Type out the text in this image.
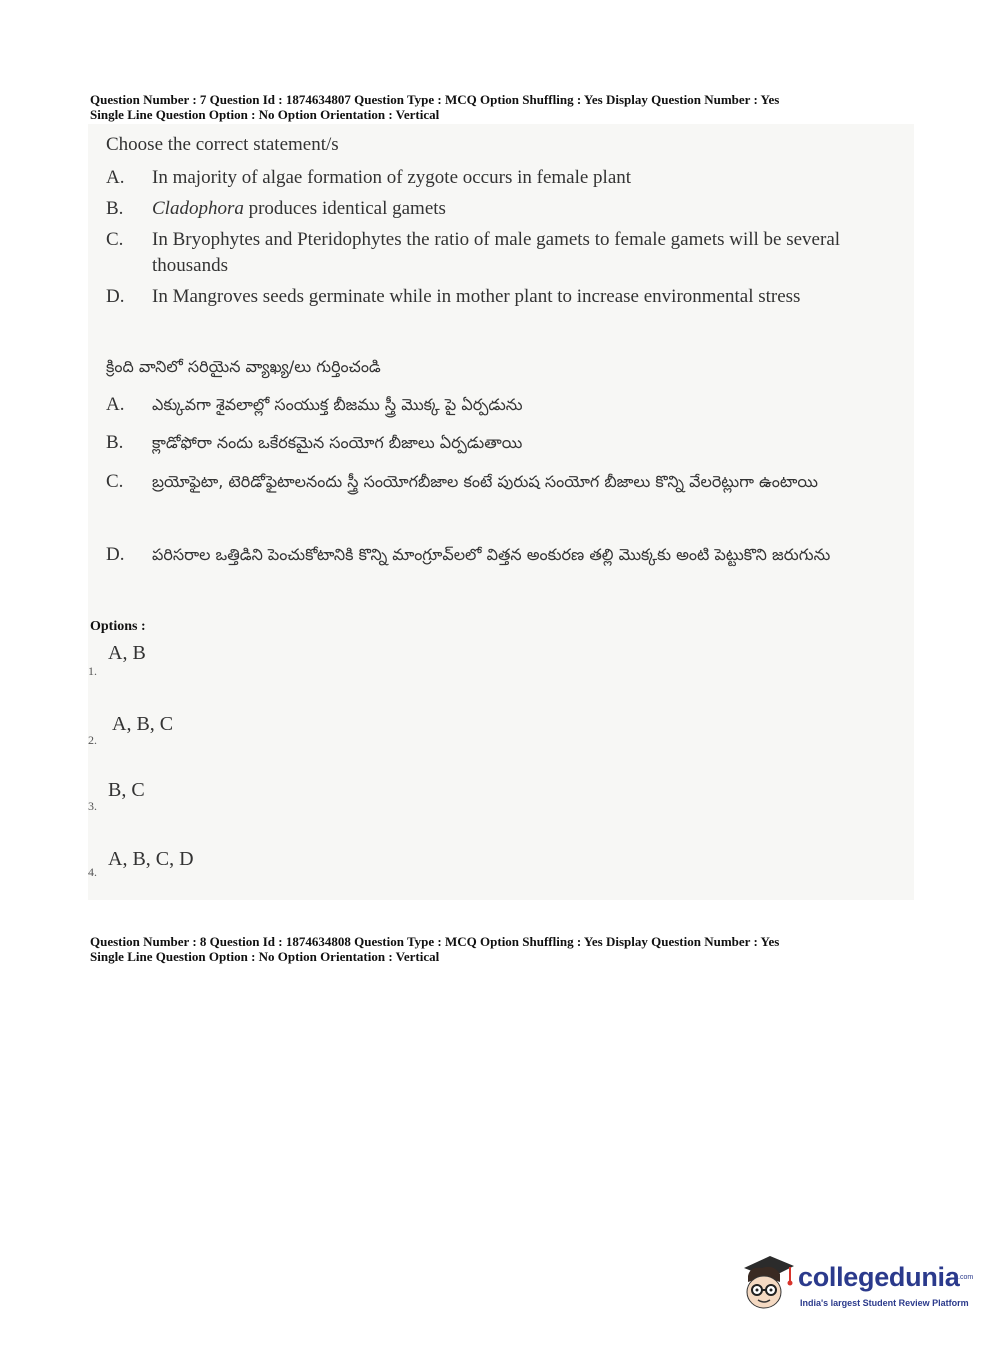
Question Number : 7 Question Id : 1874634807 Question Type : MCQ Option Shuffling : Yes Display Question Number : Yes
Single Line Question Option : No Option Orientation : Vertical
Choose the correct statement/s
A. In majority of algae formation of zygote occurs in female plant
B. Cladophora produces identical gamets
C. In Bryophytes and Pteridophytes the ratio of male gamets to female gamets will be several thousands
D. In Mangroves seeds germinate while in mother plant to increase environmental stress
క్రింది వానిలో సరియైన వ్యాఖ్య/లు గుర్తించండి
A. ఎక్కువగా శైవలాల్లో సంయుక్త బీజము స్త్రీ మొక్క పై ఏర్పడును
B. క్లాడోఫోరా నందు ఒకేరకమైన సంయోగ బీజాలు ఏర్పడుతాయి
C. బ్రయోఫైటా, టెరిడోఫైటాలనందు స్త్రీ సంయోగబీజాల కంటే పురుష సంయోగ బీజాలు కొన్ని వేలరెట్లుగా ఉంటాయి
D. పరిసరాల ఒత్తిడిని పెంచుకోటానికి కొన్ని మాంగ్రూవ్‌లలో విత్తన అంకురణ తల్లి మొక్కకు అంటి పెట్టుకొని జరుగును
Options :
1.
A, B
2.
A, B, C
3.
B, C
4.
A, B, C, D
Question Number : 8 Question Id : 1874634808 Question Type : MCQ Option Shuffling : Yes Display Question Number : Yes
Single Line Question Option : No Option Orientation : Vertical
collegedunia
.com
India's largest Student Review Platform
